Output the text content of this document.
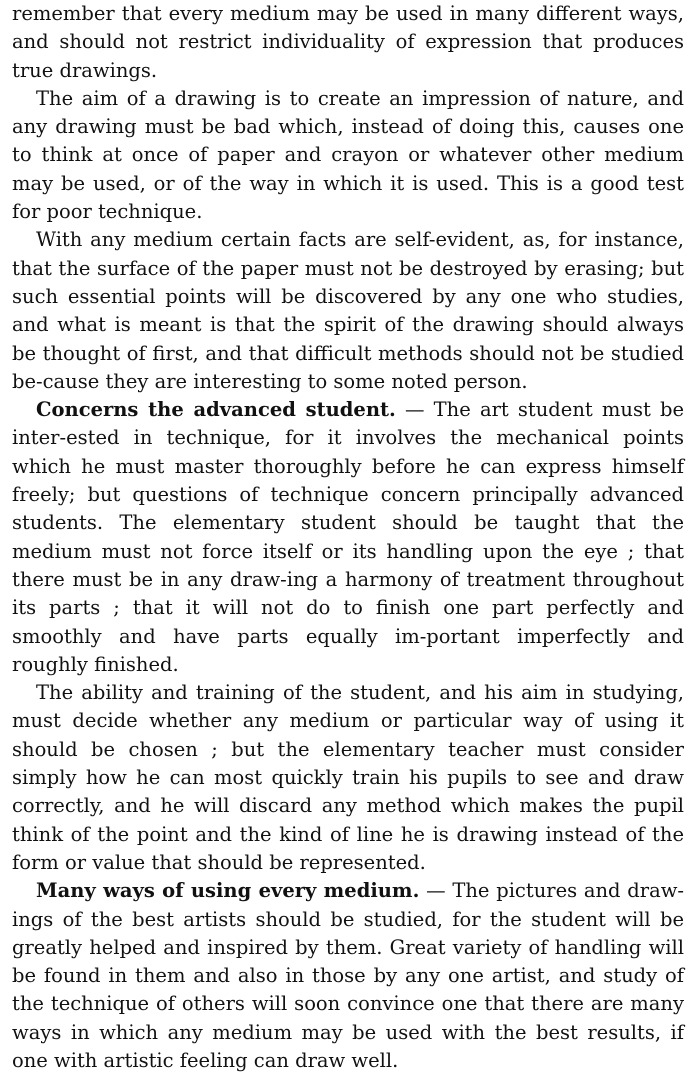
remember that every medium may be used in many different ways, and should not restrict individuality of expression that produces true drawings.

The aim of a drawing is to create an impression of nature, and any drawing must be bad which, instead of doing this, causes one to think at once of paper and crayon or whatever other medium may be used, or of the way in which it is used. This is a good test for poor technique.

With any medium certain facts are self-evident, as, for instance, that the surface of the paper must not be destroyed by erasing; but such essential points will be discovered by any one who studies, and what is meant is that the spirit of the drawing should always be thought of first, and that difficult methods should not be studied be-cause they are interesting to some noted person.

Concerns the advanced student. — The art student must be inter-ested in technique, for it involves the mechanical points which he must master thoroughly before he can express himself freely; but questions of technique concern principally advanced students. The elementary student should be taught that the medium must not force itself or its handling upon the eye ; that there must be in any draw-ing a harmony of treatment throughout its parts ; that it will not do to finish one part perfectly and smoothly and have parts equally im-portant imperfectly and roughly finished.

The ability and training of the student, and his aim in studying, must decide whether any medium or particular way of using it should be chosen ; but the elementary teacher must consider simply how he can most quickly train his pupils to see and draw correctly, and he will discard any method which makes the pupil think of the point and the kind of line he is drawing instead of the form or value that should be represented.

Many ways of using every medium. — The pictures and draw-ings of the best artists should be studied, for the student will be greatly helped and inspired by them. Great variety of handling will be found in them and also in those by any one artist, and study of the technique of others will soon convince one that there are many ways in which any medium may be used with the best results, if one with artistic feeling can draw well.
